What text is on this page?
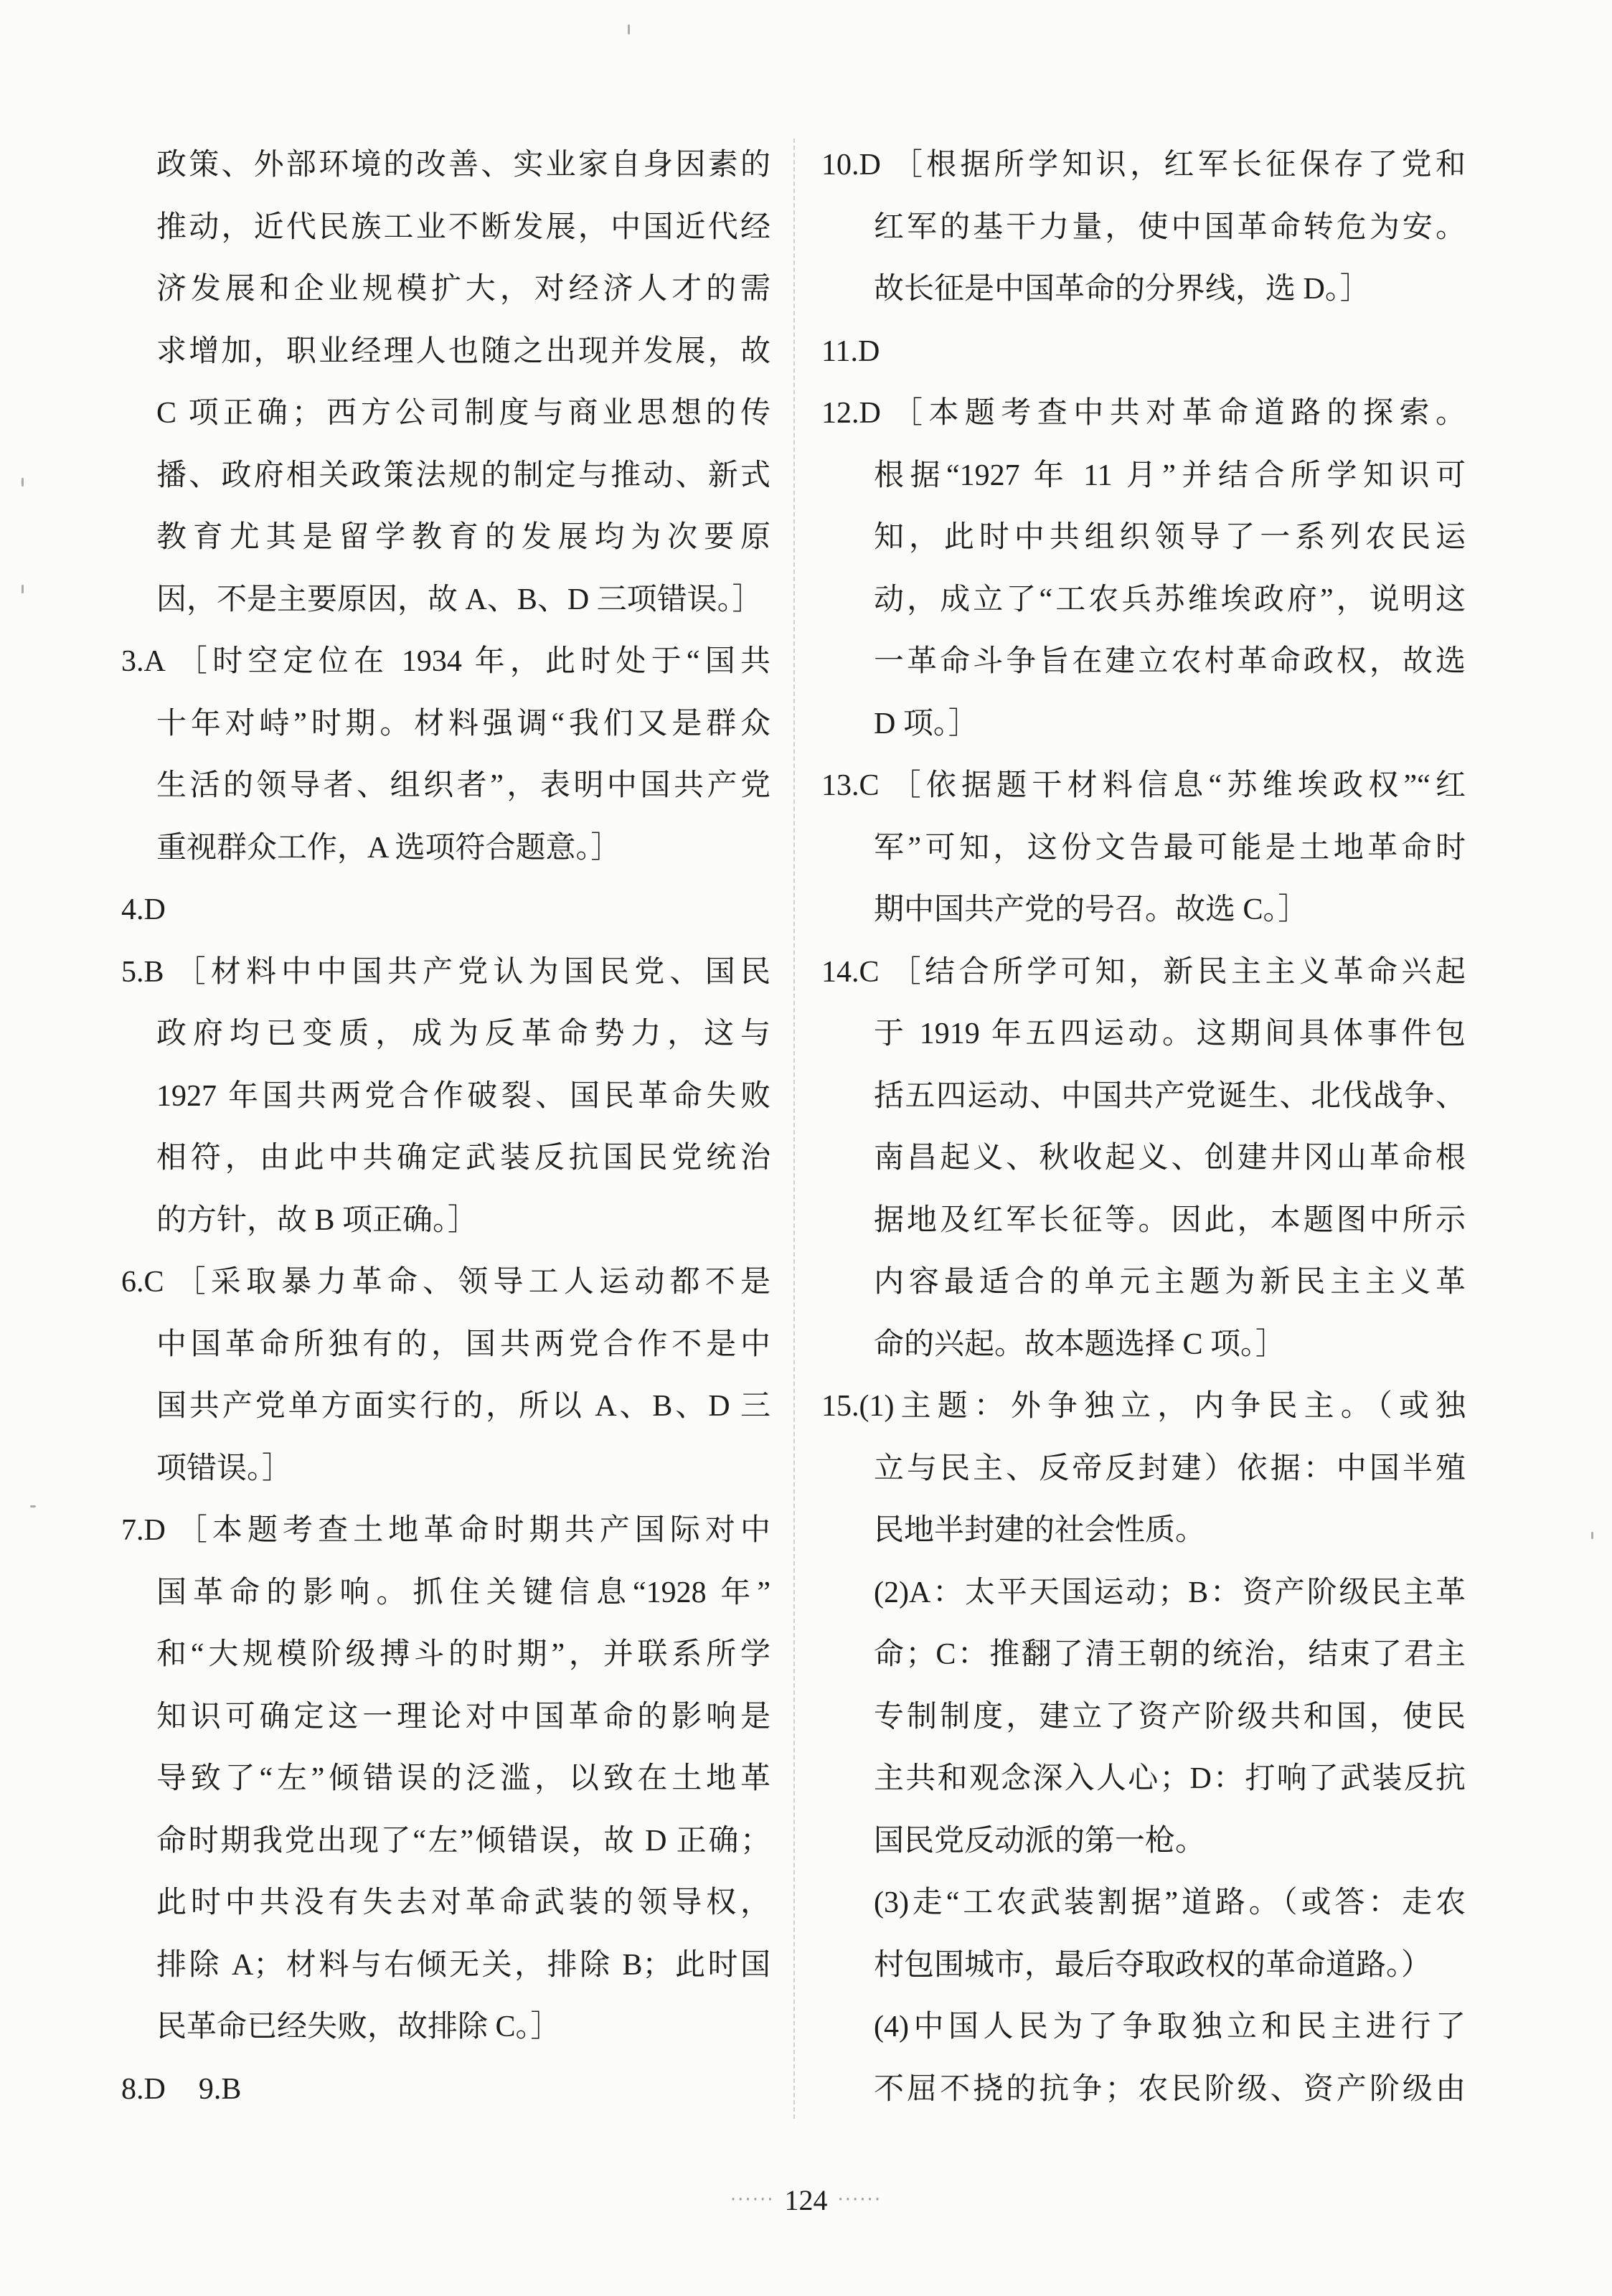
政策、外部环境的改善、实业家自身因素的
推动，近代民族工业不断发展，中国近代经
济发展和企业规模扩大，对经济人才的需
求增加，职业经理人也随之出现并发展，故
C 项正确；西方公司制度与商业思想的传
播、政府相关政策法规的制定与推动、新式
教育尤其是留学教育的发展均为次要原
因，不是主要原因，故 A、B、D 三项错误。］
3.A ［时空定位在 1934 年，此时处于“国共
十年对峙”时期。材料强调“我们又是群众
生活的领导者、组织者”，表明中国共产党
重视群众工作，A 选项符合题意。］
4.D
5.B ［材料中中国共产党认为国民党、国民
政府均已变质，成为反革命势力，这与
1927 年国共两党合作破裂、国民革命失败
相符，由此中共确定武装反抗国民党统治
的方针，故 B 项正确。］
6.C ［采取暴力革命、领导工人运动都不是
中国革命所独有的，国共两党合作不是中
国共产党单方面实行的，所以 A、B、D 三
项错误。］
7.D ［本题考查土地革命时期共产国际对中
国革命的影响。抓住关键信息“1928 年”
和“大规模阶级搏斗的时期”，并联系所学
知识可确定这一理论对中国革命的影响是
导致了“左”倾错误的泛滥，以致在土地革
命时期我党出现了“左”倾错误，故 D 正确；
此时中共没有失去对革命武装的领导权，
排除 A；材料与右倾无关，排除 B；此时国
民革命已经失败，故排除 C。］
8.D 9.B
10.D ［根据所学知识，红军长征保存了党和
红军的基干力量，使中国革命转危为安。
故长征是中国革命的分界线，选 D。］
11.D
12.D ［本题考查中共对革命道路的探索。
根据“1927 年 11 月”并结合所学知识可
知，此时中共组织领导了一系列农民运
动，成立了“工农兵苏维埃政府”，说明这
一革命斗争旨在建立农村革命政权，故选
D 项。］
13.C ［依据题干材料信息“苏维埃政权”“红
军”可知，这份文告最可能是土地革命时
期中国共产党的号召。故选 C。］
14.C ［结合所学可知，新民主主义革命兴起
于 1919 年五四运动。这期间具体事件包
括五四运动、中国共产党诞生、北伐战争、
南昌起义、秋收起义、创建井冈山革命根
据地及红军长征等。因此，本题图中所示
内容最适合的单元主题为新民主主义革
命的兴起。故本题选择 C 项。］
15. (1)主题：外争独立，内争民主。（或独
立与民主、反帝反封建）依据：中国半殖
民地半封建的社会性质。
(2)A：太平天国运动；B：资产阶级民主革
命；C：推翻了清王朝的统治，结束了君主
专制制度，建立了资产阶级共和国，使民
主共和观念深入人心；D：打响了武装反抗
国民党反动派的第一枪。
(3)走“工农武装割据”道路。（或答：走农
村包围城市，最后夺取政权的革命道路。）
(4)中国人民为了争取独立和民主进行了
不屈不挠的抗争；农民阶级、资产阶级由
······ 124 ······
